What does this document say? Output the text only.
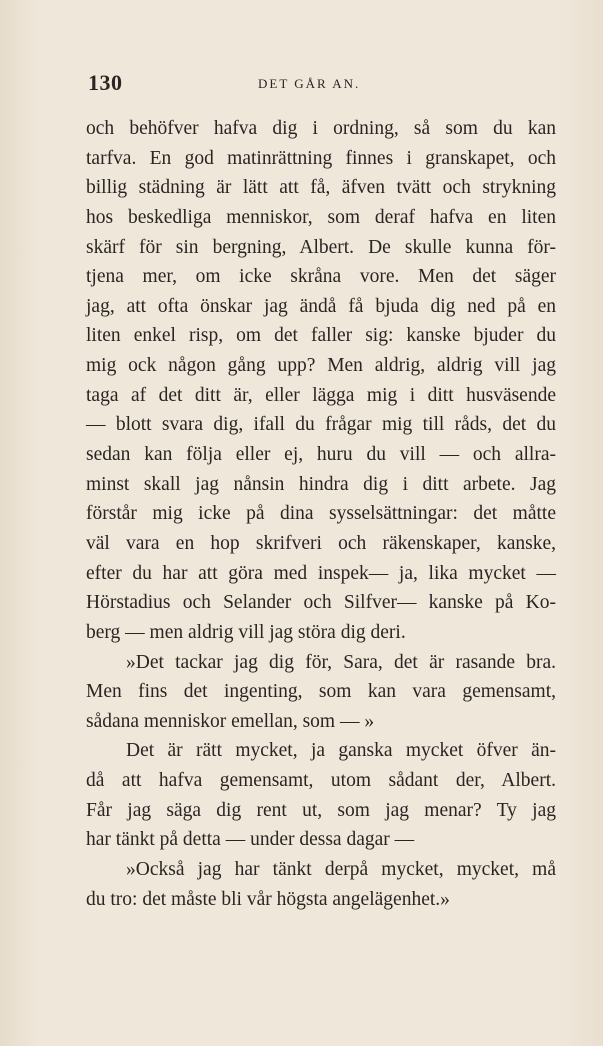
130	DET GÅR AN.
och behöfver hafva dig i ordning, så som du kan
tarfva. En god matinrättning finnes i granskapet, och
billig städning är lätt att få, äfven tvätt och strykning
hos beskedliga menniskor, som deraf hafva en liten
skärf för sin bergning, Albert. De skulle kunna för-
tjena mer, om icke skråna vore. Men det säger
jag, att ofta önskar jag ändå få bjuda dig ned på en
liten enkel risp, om det faller sig: kanske bjuder du
mig ock någon gång upp? Men aldrig, aldrig vill jag
taga af det ditt är, eller lägga mig i ditt husväsende
— blott svara dig, ifall du frågar mig till råds, det du
sedan kan följa eller ej, huru du vill — och allra-
minst skall jag nånsin hindra dig i ditt arbete. Jag
förstår mig icke på dina sysselsättningar: det måtte
väl vara en hop skrifveri och räkenskaper, kanske,
efter du har att göra med inspek— ja, lika mycket —
Hörstadius och Selander och Silfver— kanske på Ko-
berg — men aldrig vill jag störa dig deri.
»Det tackar jag dig för, Sara, det är rasande bra.
Men fins det ingenting, som kan vara gemensamt,
sådana menniskor emellan, som — »
Det är rätt mycket, ja ganska mycket öfver än-
då att hafva gemensamt, utom sådant der, Albert.
Får jag säga dig rent ut, som jag menar? Ty jag
har tänkt på detta — under dessa dagar —
»Också jag har tänkt derpå mycket, mycket, må
du tro: det måste bli vår högsta angelägenhet.»
